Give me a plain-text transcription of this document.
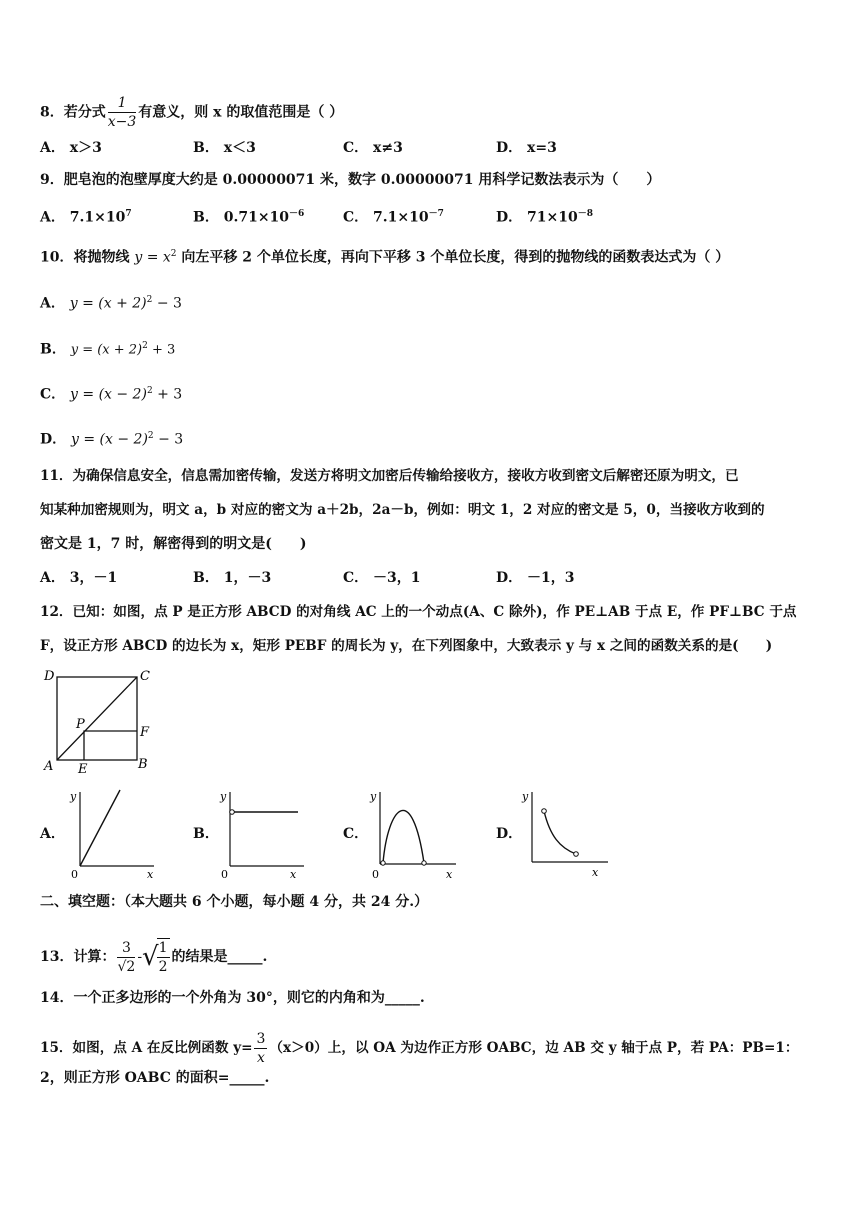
8．若分式 $\frac{1}{x-3}$ 有意义，则 x 的取值范围是（ ）
A． x＞3	B． x＜3	C． x≠3	D． x=3
9．肥皂泡的泡壁厚度大约是 0.00000071 米，数字 0.00000071 用科学记数法表示为（　　）
A． $7.1\times 10^7$	B． $0.71\times 10^{-6}$	C． $7.1\times 10^{-7}$	D． $71\times 10^{-8}$
10．将抛物线 $y = x^2$ 向左平移 2 个单位长度，再向下平移 3 个单位长度，得到的抛物线的函数表达式为（ ）
A． $y = (x + 2)^2 - 3$
B． $y = (x + 2)^2 + 3$
C． $y = (x - 2)^2 + 3$
D． $y = (x - 2)^2 - 3$
11．为确保信息安全，信息需加密传输，发送方将明文加密后传输给接收方，接收方收到密文后解密还原为明文，已
知某种加密规则为，明文 a，b 对应的密文为 a＋2b，2a－b，例如：明文 1，2 对应的密文是 5，0，当接收方收到的
密文是 1，7 时，解密得到的明文是(　　)
A． 3，－1	B． 1，－3	C． －3，1	D． －1，3
12．已知：如图，点 P 是正方形 ABCD 的对角线 AC 上的一个动点(A、C 除外)，作 PE⊥AB 于点 E，作 PF⊥BC 于点
F，设正方形 ABCD 的边长为 x，矩形 PEBF 的周长为 y，在下列图象中，大致表示 y 与 x 之间的函数关系的是(　　)
D	C
P
F
A E	B
A．
y
x
0
B．
y
x
0
C．
y
x
0
D．
y
x
二、填空题：（本大题共 6 个小题，每小题 4 分，共 24 分.）
13．计算： $\frac{3}{√2}$ -√
$\frac{1}{2}$ 的结果是_____.
14．一个正多边形的一个外角为 30°，则它的内角和为_____.
15．如图，点 A 在反比例函数 $y= \frac{3}{x} (x>0)$上，以 OA 为边作正方形 OABC，边 AB 交 y 轴于点 P，若 PA：PB=1：
2，则正方形 OABC 的面积=_____.
